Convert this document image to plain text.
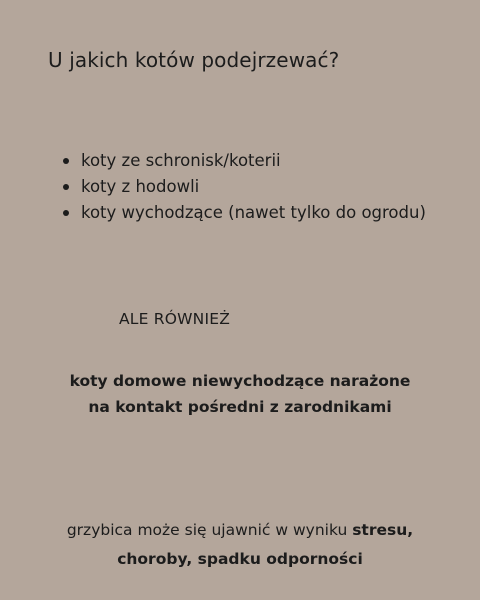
U jakich kotów podejrzewać?
koty ze schronisk/koterii
koty z hodowli
koty wychodzące (nawet tylko do ogrodu)
ALE RÓWNIEŻ
koty domowe niewychodzące narażone
na kontakt pośredni z zarodnikami
grzybica może się ujawnić w wyniku stresu,
choroby, spadku odporności
